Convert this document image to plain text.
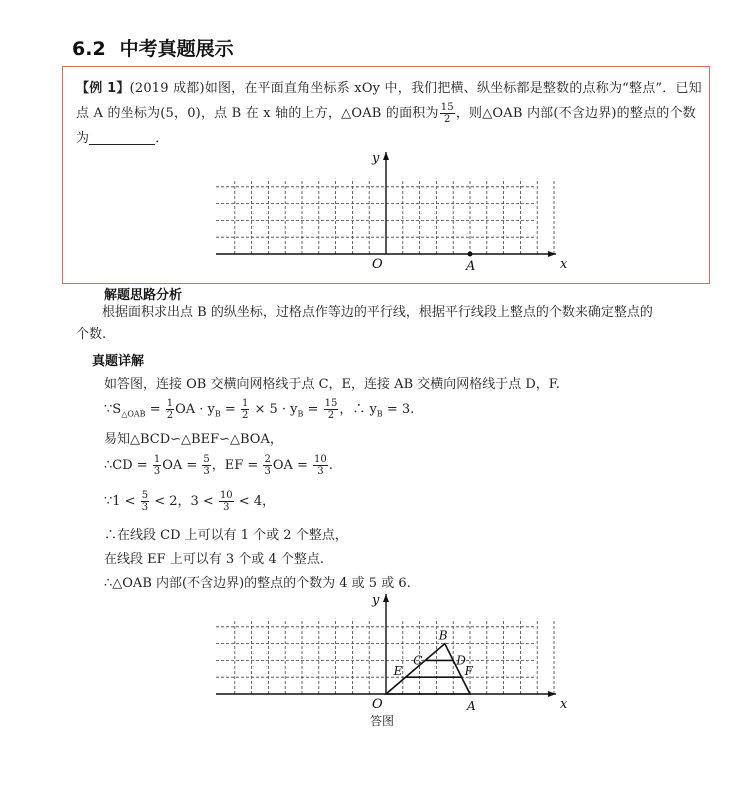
6.2 中考真题展示
【例 1】(2019 成都)如图，在平面直角坐标系 xOy 中，我们把横、纵坐标都是整数的点称为“整点”．已知
点 A 的坐标为(5，0)，点 B 在 x 轴的上方，△OAB 的面积为 $\frac{15}{2}$ ，则△OAB 内部(不含边界)的整点的个数
为	．
y
x
O	A
解题思路分析
根据面积求出点 B 的纵坐标，过格点作等边的平行线，根据平行线段上整点的个数来确定整点的
个数.
真题详解
如答图，连接 OB 交横向网格线于点 C，E，连接 AB 交横向网格线于点 D，F.
$\because S_{\triangle OAB} = \frac{1}{2}$ OA · $y_B = \frac{1}{2} \times 5 \cdot y_B = \frac{15}{2}$ ，∴ $y_B = 3$.
易知△BCD∽△BEF∽△BOA，
∴CD = $\frac{1}{3}$ OA = $\frac{5}{3}$ ，EF = $\frac{2}{3}$ OA = $\frac{10}{3}$ .
∵1 < $\frac{5}{3} < 2$，$3 < \frac{10}{3} < 4$，
∴在线段 CD 上可以有 1 个或 2 个整点，
在线段 EF 上可以有 3 个或 4 个整点.
∴△OAB 内部(不含边界)的整点的个数为 4 或 5 或 6.
y
x
O	A
B
C	D
E	F
答图
